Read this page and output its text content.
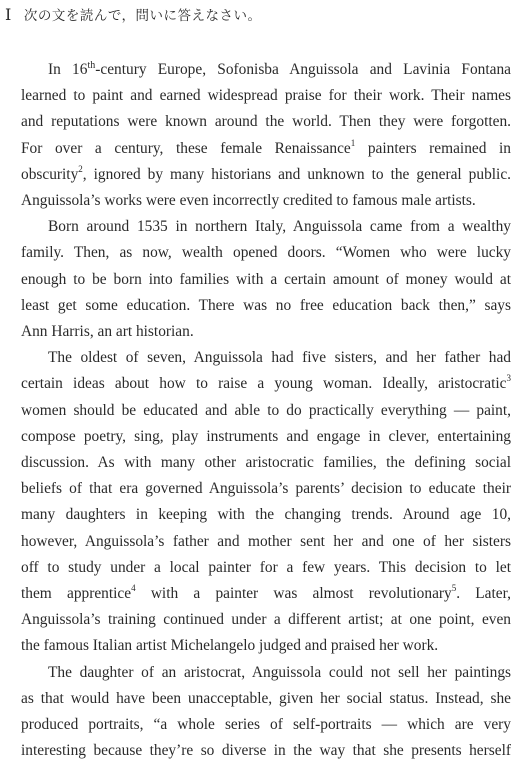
Ⅰ 次の文を読んで，問いに答えなさい。
In 16th-century Europe, Sofonisba Anguissola and Lavinia Fontana
learned to paint and earned widespread praise for their work. Their names
and reputations were known around the world. Then they were forgotten.
For over a century, these female Renaissance$^1$ painters remained in
obscurity$^2$, ignored by many historians and unknown to the general public.
Anguissola’s works were even incorrectly credited to famous male artists.
Born around 1535 in northern Italy, Anguissola came from a wealthy
family. Then, as now, wealth opened doors. “Women who were lucky
enough to be born into families with a certain amount of money would at
least get some education. There was no free education back then,” says
Ann Harris, an art historian.
The oldest of seven, Anguissola had five sisters, and her father had
certain ideas about how to raise a young woman. Ideally, aristocratic$^3$
women should be educated and able to do practically everything — paint,
compose poetry, sing, play instruments and engage in clever, entertaining
discussion. As with many other aristocratic families, the defining social
beliefs of that era governed Anguissola’s parents’ decision to educate their
many daughters in keeping with the changing trends. Around age 10,
however, Anguissola’s father and mother sent her and one of her sisters
off to study under a local painter for a few years. This decision to let
them apprentice$^4$ with a painter was almost revolutionary$^5$. Later,
Anguissola’s training continued under a different artist; at one point, even
the famous Italian artist Michelangelo judged and praised her work.
The daughter of an aristocrat, Anguissola could not sell her paintings
as that would have been unacceptable, given her social status. Instead, she
produced portraits, “a whole series of self-portraits — which are very
interesting because they’re so diverse in the way that she presents herself
